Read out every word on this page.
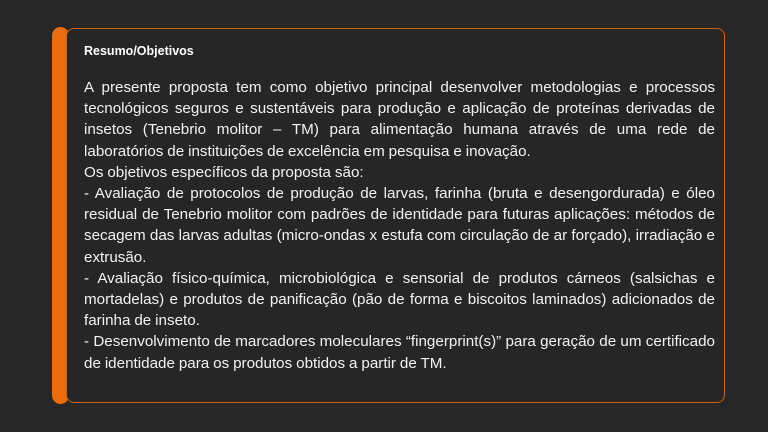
Resumo/Objetivos

A presente proposta tem como objetivo principal desenvolver metodologias e processos tecnológicos seguros e sustentáveis para produção e aplicação de proteínas derivadas de insetos (Tenebrio molitor – TM) para alimentação humana através de uma rede de laboratórios de instituições de excelência em pesquisa e inovação.

Os objetivos específicos da proposta são:

- Avaliação de protocolos de produção de larvas, farinha (bruta e desengordurada) e óleo residual de Tenebrio molitor com padrões de identidade para futuras aplicações: métodos de secagem das larvas adultas (micro-ondas x estufa com circulação de ar forçado), irradiação e extrusão.

- Avaliação físico-química, microbiológica e sensorial de produtos cárneos (salsichas e mortadelas) e produtos de panificação (pão de forma e biscoitos laminados) adicionados de farinha de inseto.

- Desenvolvimento de marcadores moleculares “fingerprint(s)” para geração de um certificado de identidade para os produtos obtidos a partir de TM.
